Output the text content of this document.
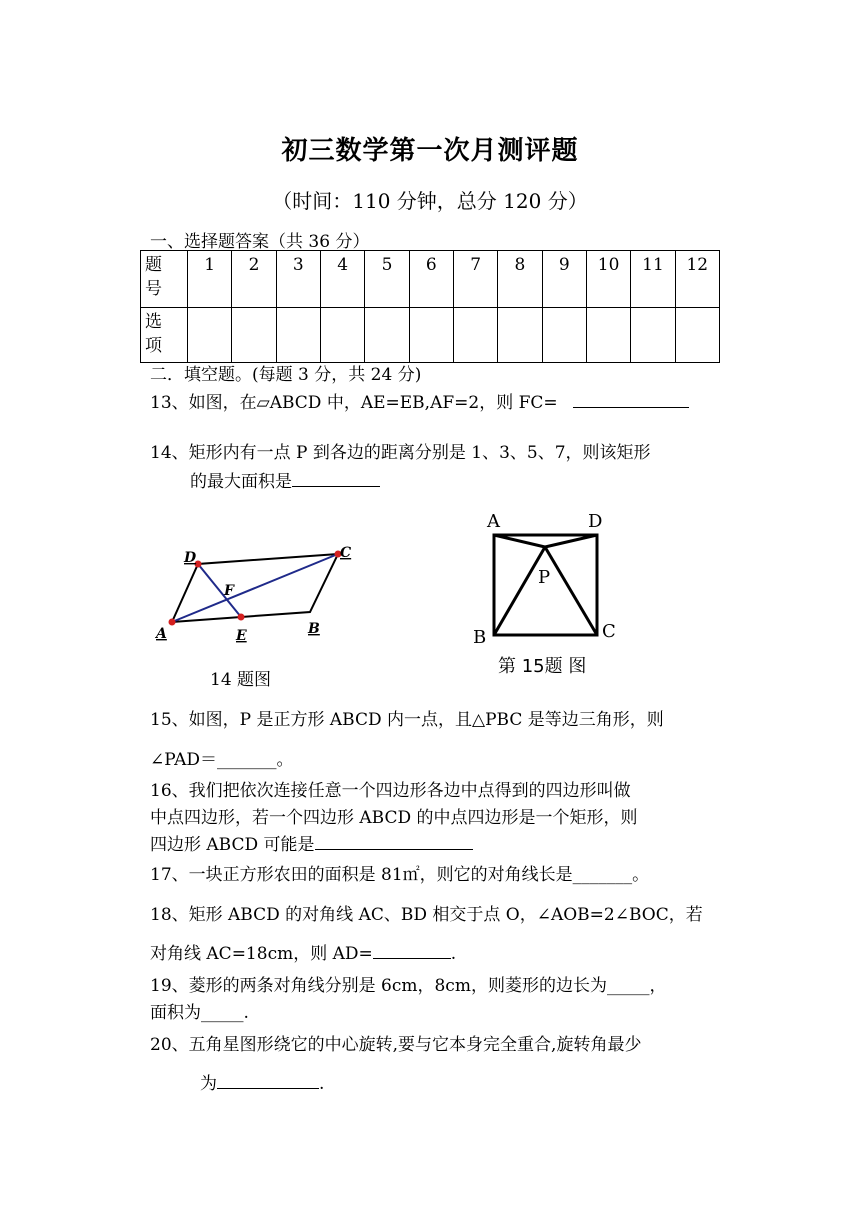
初三数学第一次月测评题
（时间：110 分钟，总分 120 分）
一、选择题答案（共 36 分）
题
号	1	2	3	4	5	6	7	8	9	10	11	12
选
项												
二．填空题。(每题 3 分，共 24 分)
13、如图，在▱ABCD 中，AE=EB,AF=2，则 FC=
14、矩形内有一点 P 到各边的距离分别是 1、3、5、7，则该矩形
的最大面积是
D	C
F
A	E	B
14 题图
A	D
P
B	C
第 15题 图
15、如图，P 是正方形 ABCD 内一点，且△PBC 是等边三角形，则
∠PAD＝_______。
16、我们把依次连接任意一个四边形各边中点得到的四边形叫做
中点四边形，若一个四边形 ABCD 的中点四边形是一个矩形，则
四边形 ABCD 可能是
17、一块正方形农田的面积是 81㎡，则它的对角线长是_______。
18、矩形 ABCD 的对角线 AC、BD 相交于点 O，∠AOB=2∠BOC，若
对角线 AC=18cm，则 AD=	.
19、菱形的两条对角线分别是 6cm，8cm，则菱形的边长为_____，
面积为_____.
20、五角星图形绕它的中心旋转,要与它本身完全重合,旋转角最少
为	.
